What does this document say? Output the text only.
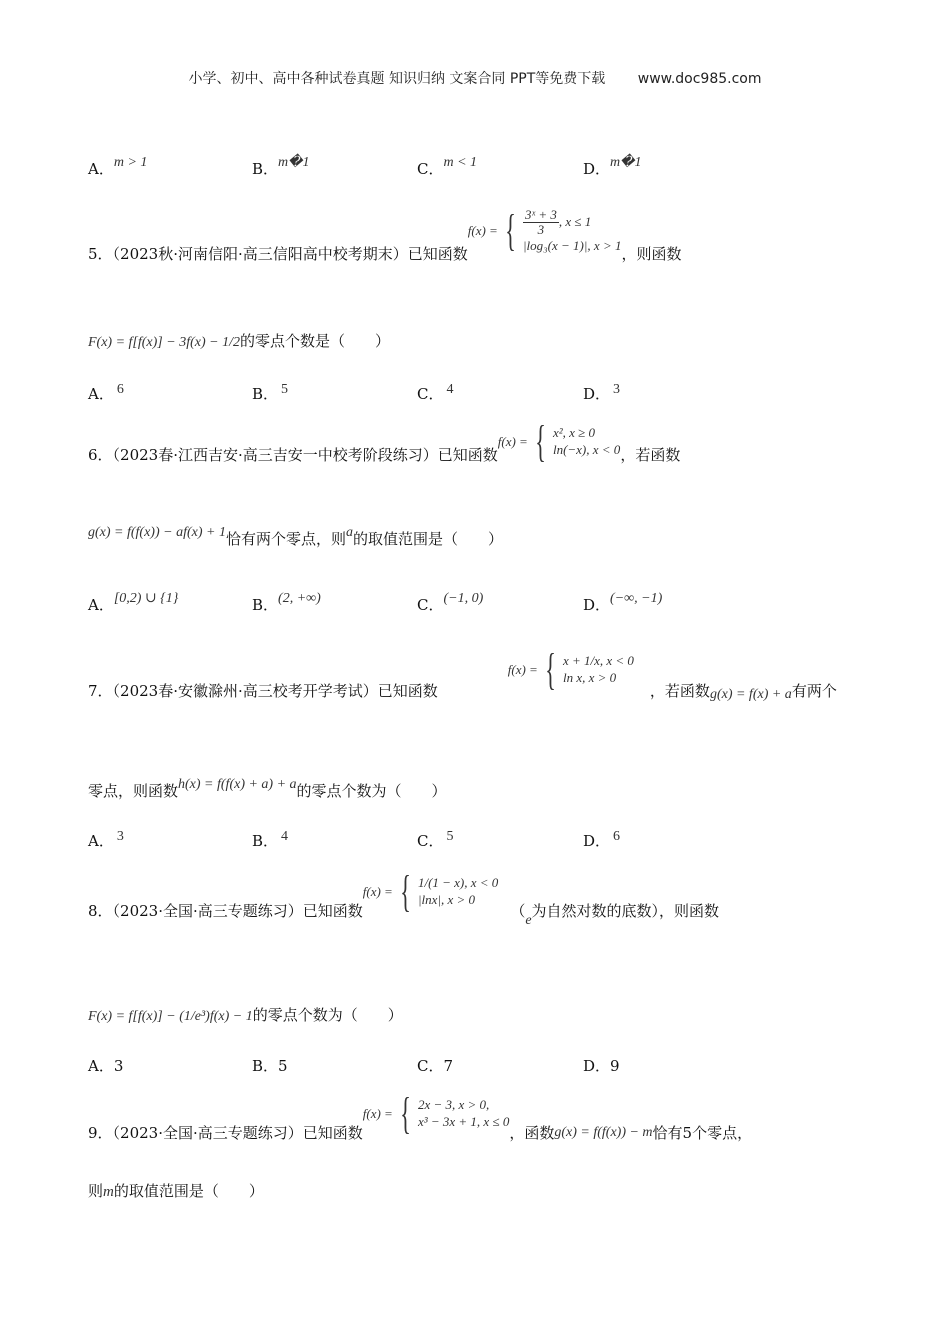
小学、初中、高中各种试卷真题 知识归纳 文案合同 PPT等免费下载 www.doc985.com
A．m > 1	B．m�1	C．m < 1	D．m�1
5．（2023秋·河南信阳·高三信阳高中校考期末）已知函数
f(x) = { $\frac{\text{3ˣ + 3}}{3}$ , x ≤ 1
|log₃(x − 1)|, x > 1
，则函数
F(x) = f[f(x)] − 3f(x) − 1/2的零点个数是（　　）
A． 6	B． 5	C． 4	D． 3
6．（2023春·江西吉安·高三吉安一中校考阶段练习）已知函数
f(x) = { x², x ≥ 0
ln(−x), x < 0 ，若函数
g(x) = f(f(x)) − af(x) + 1恰有两个零点，则a的取值范围是（　　）
A．[0,2) ∪ {1}	B．(2, +∞)	C．(−1, 0)	D．(−∞, −1)
7．（2023春·安徽滁州·高三校考开学考试）已知函数
f(x) = { x + 1/x, x < 0
ln x, x > 0
，若函数g(x) = f(x) + a有两个
零点，则函数h(x) = f(f(x) + a) + a的零点个数为（　　）
A． 3	B． 4	C． 5	D． 6
8．（2023·全国·高三专题练习）已知函数
f(x) = { 1/(1 − x), x < 0
|lnx|, x > 0
（e为自然对数的底数），则函数
F(x) = f[f(x)] − (1/e³)f(x) − 1的零点个数为（　　）
A．3	B．5	C．7	D．9
9．（2023·全国·高三专题练习）已知函数
f(x) = { 2x − 3, x > 0,
x³ − 3x + 1, x ≤ 0
，函数g(x) = f(f(x)) − m恰有5个零点，
则m的取值范围是（　　）
